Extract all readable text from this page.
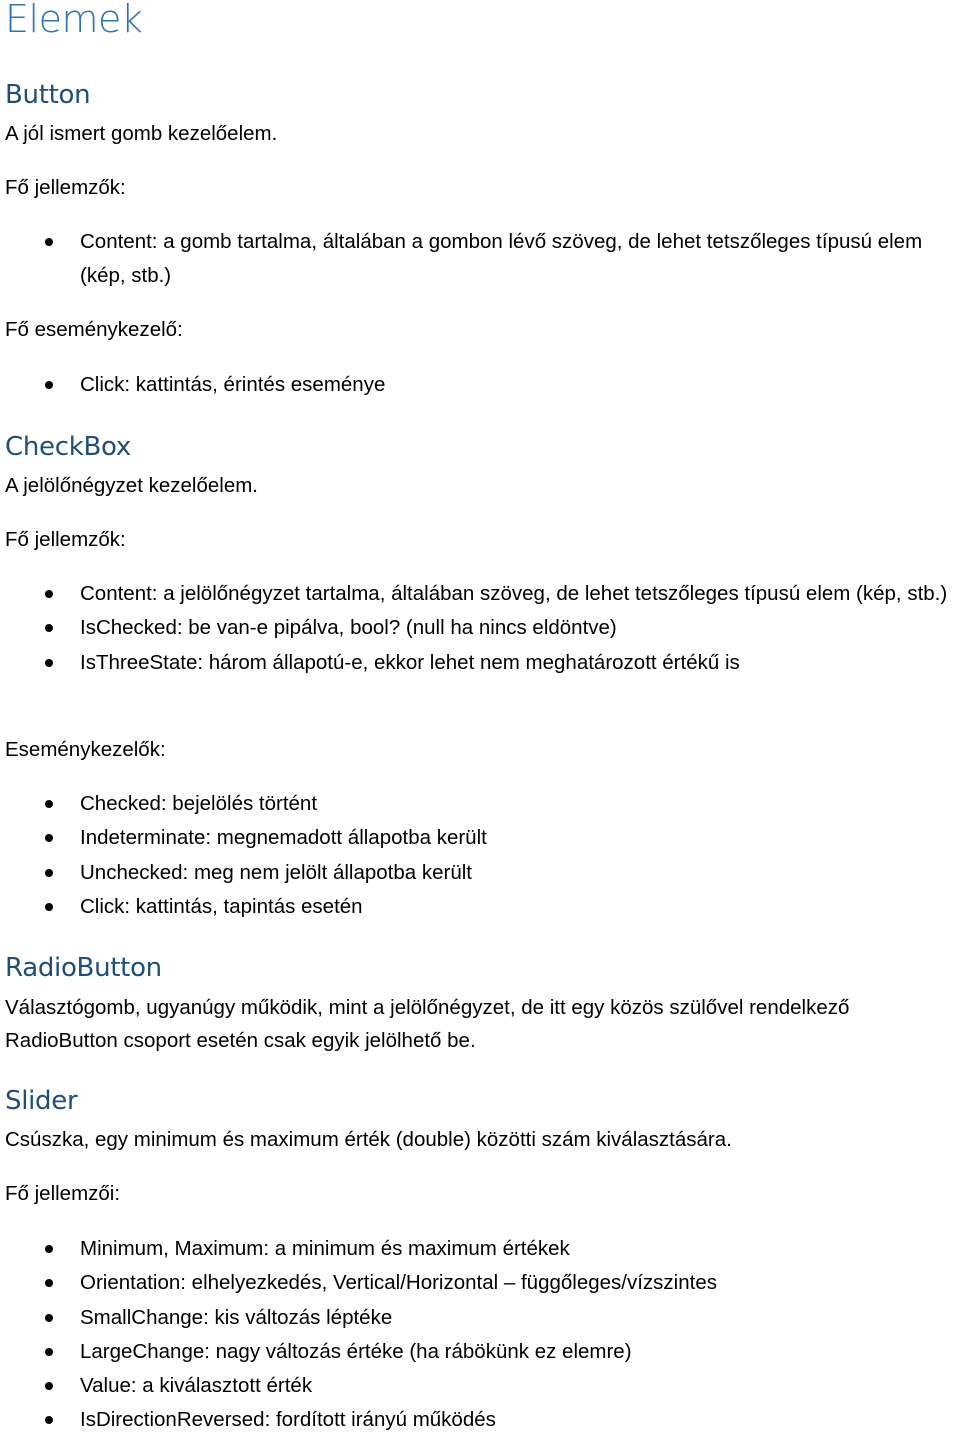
Elemek
Button

A jól ismert gomb kezelőelem.

Fő jellemzők:

Content: a gomb tartalma, általában a gombon lévő szöveg, de lehet tetszőleges típusú elem (kép, stb.)

Fő eseménykezelő:

Click: kattintás, érintés eseménye
CheckBox

A jelölőnégyzet kezelőelem.

Fő jellemzők:

Content: a jelölőnégyzet tartalma, általában szöveg, de lehet tetszőleges típusú elem (kép, stb.)
IsChecked: be van-e pipálva, bool? (null ha nincs eldöntve)
IsThreeState: három állapotú-e, ekkor lehet nem meghatározott értékű is

Eseménykezelők:

Checked: bejelölés történt
Indeterminate: megnemadott állapotba került
Unchecked: meg nem jelölt állapotba került
Click: kattintás, tapintás esetén
RadioButton

Választógomb, ugyanúgy működik, mint a jelölőnégyzet, de itt egy közös szülővel rendelkező RadioButton csoport esetén csak egyik jelölhető be.

Slider

Csúszka, egy minimum és maximum érték (double) közötti szám kiválasztására.

Fő jellemzői:

Minimum, Maximum: a minimum és maximum értékek
Orientation: elhelyezkedés, Vertical/Horizontal – függőleges/vízszintes
SmallChange: kis változás léptéke
LargeChange: nagy változás értéke (ha rábökünk ez elemre)
Value: a kiválasztott érték
IsDirectionReversed: fordított irányú működés
